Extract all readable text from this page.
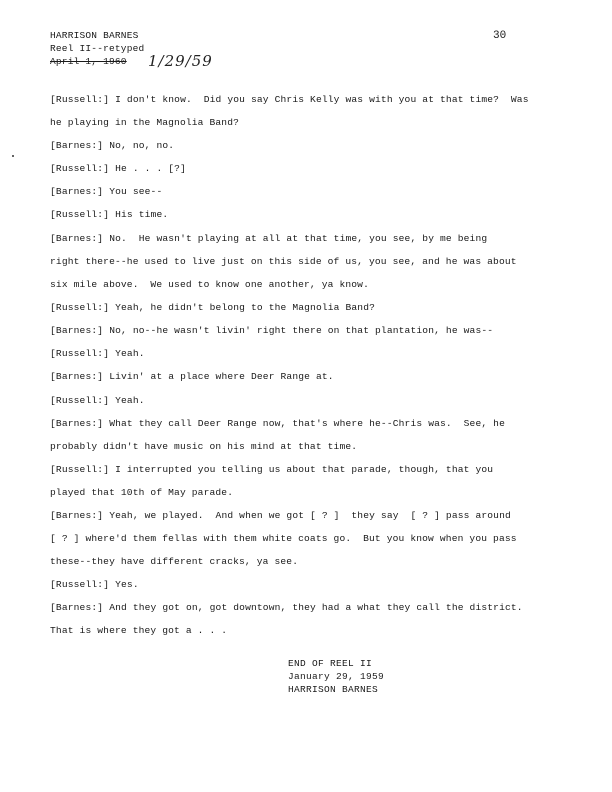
HARRISON BARNES
Reel II--retyped
April 1, 1960 1/29/59
30
[ Russell :] I don't know.  Did you say Chris Kelly was with you at that time?  Was
he playing in the Magnolia Band?
[ Barnes :] No, no, no.
[ Russell :] He . . . [?]
[ Barnes :] You see--
[ Russell :] His time.
[ Barnes :] No.  He wasn't playing at all at that time, you see, by me being
right there--he used to live just on this side of us, you see, and he was about
six mile above.  We used to know one another, ya know.
[ Russell :] Yeah, he didn't belong to the Magnolia Band?
[ Barnes :] No, no--he wasn't livin' right there on that plantation, he was--
[ Russell :] Yeah.
[ Barnes :] Livin' at a place where Deer Range at.
[ Russell :] Yeah.
[ Barnes :] What they call Deer Range now, that's where he--Chris was.  See, he
probably didn't have music on his mind at that time.
[ Russell :] I interrupted you telling us about that parade, though, that you
played that 10th of May parade.
[ Barnes :] Yeah, we played.  And when we got [ ? ]  they say  [ ? ] pass around
[ ? ] where'd them fellas with them white coats go.  But you know when you pass
these--they have different cracks, ya see.
[ Russell :] Yes.
[ Barnes :] And they got on, got downtown, they had a what they call the district.
That is where they got a . . .
END OF REEL II
January 29, 1959
HARRISON BARNES
